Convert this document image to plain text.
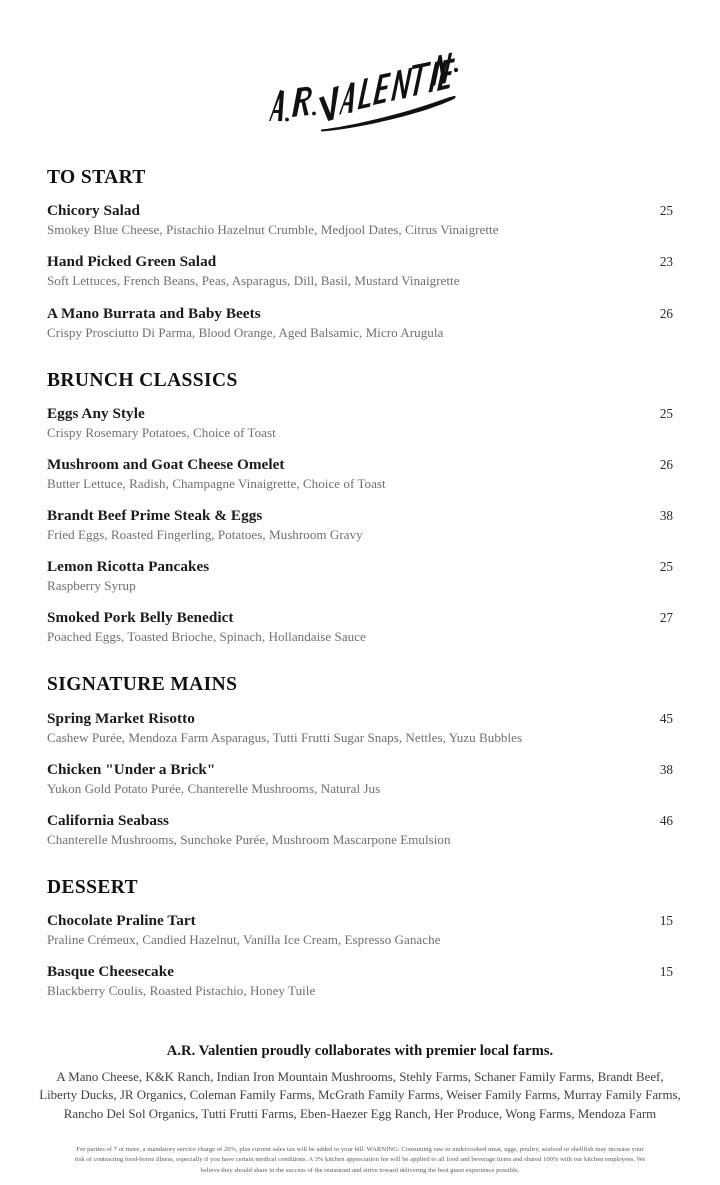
TO START
Chicory Salad	25
Smokey Blue Cheese, Pistachio Hazelnut Crumble, Medjool Dates, Citrus Vinaigrette
Hand Picked Green Salad	23
Soft Lettuces, French Beans, Peas, Asparagus, Dill, Basil, Mustard Vinaigrette
A Mano Burrata and Baby Beets	26
Crispy Prosciutto Di Parma, Blood Orange, Aged Balsamic, Micro Arugula
BRUNCH CLASSICS
Eggs Any Style	25
Crispy Rosemary Potatoes, Choice of Toast
Mushroom and Goat Cheese Omelet	26
Butter Lettuce, Radish, Champagne Vinaigrette, Choice of Toast
Brandt Beef Prime Steak & Eggs	38
Fried Eggs, Roasted Fingerling, Potatoes, Mushroom Gravy
Lemon Ricotta Pancakes	25
Raspberry Syrup
Smoked Pork Belly Benedict	27
Poached Eggs, Toasted Brioche, Spinach, Hollandaise Sauce
SIGNATURE MAINS
Spring Market Risotto	45
Cashew Purée, Mendoza Farm Asparagus, Tutti Frutti Sugar Snaps, Nettles, Yuzu Bubbles
Chicken "Under a Brick"	38
Yukon Gold Potato Purée, Chanterelle Mushrooms, Natural Jus
California Seabass	46
Chanterelle Mushrooms, Sunchoke Purée, Mushroom Mascarpone Emulsion
DESSERT
Chocolate Praline Tart	15
Praline Crémeux, Candied Hazelnut, Vanilla Ice Cream, Espresso Ganache
Basque Cheesecake	15
Blackberry Coulis, Roasted Pistachio, Honey Tuile
A.R. Valentien proudly collaborates with premier local farms.
A Mano Cheese, K&K Ranch, Indian Iron Mountain Mushrooms, Stehly Farms, Schaner Family Farms, Brandt Beef,
Liberty Ducks, JR Organics, Coleman Family Farms, McGrath Family Farms, Weiser Family Farms, Murray Family Farms,
Rancho Del Sol Organics, Tutti Frutti Farms, Eben-Haezer Egg Ranch, Her Produce, Wong Farms, Mendoza Farm
For parties of 7 or more, a mandatory service charge of 20%, plus current sales tax will be added to your bill. WARNING: Consuming raw or undercooked meat, eggs, poultry, seafood or shellfish may increase your risk of contracting food-borne illness, especially if you have certain medical conditions. A 3% kitchen appreciation fee will be applied to all food and beverage items and shared 100% with our kitchen employees. We believe they should share in the success of the restaurant and strive toward delivering the best guest experience possible.
